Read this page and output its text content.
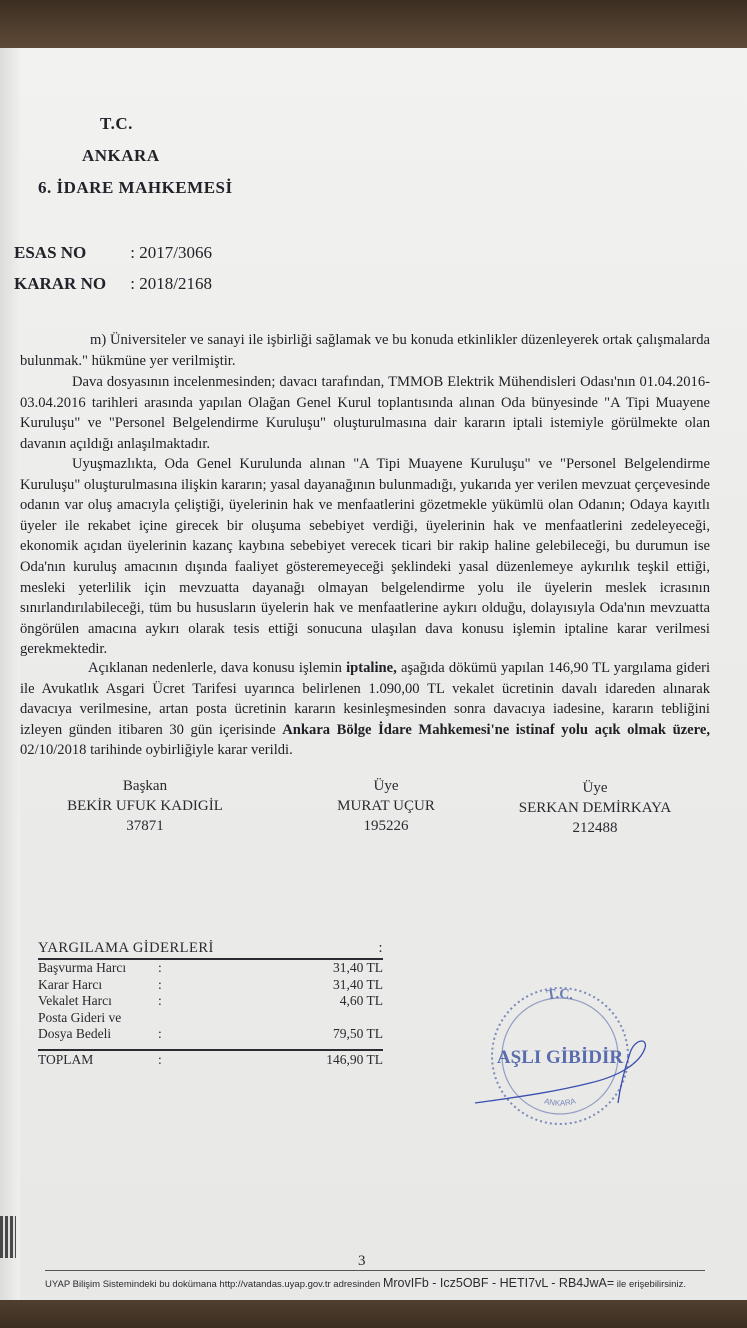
T.C.
ANKARA
6. İDARE MAHKEMESİ
ESAS NO	: 2017/3066
KARAR NO : 2018/2168

m) Üniversiteler ve sanayi ile işbirliği sağlamak ve bu konuda etkinlikler düzenleyerek ortak çalışmalarda bulunmak." hükmüne yer verilmiştir.

Dava dosyasının incelenmesinden; davacı tarafından, TMMOB Elektrik Mühendisleri Odası'nın 01.04.2016-03.04.2016 tarihleri arasında yapılan Olağan Genel Kurul toplantısında alınan Oda bünyesinde "A Tipi Muayene Kuruluşu" ve "Personel Belgelendirme Kuruluşu" oluşturulmasına dair kararın iptali istemiyle görülmekte olan davanın açıldığı anlaşılmaktadır.

Uyuşmazlıkta, Oda Genel Kurulunda alınan "A Tipi Muayene Kuruluşu" ve "Personel Belgelendirme Kuruluşu" oluşturulmasına ilişkin kararın; yasal dayanağının bulunmadığı, yukarıda yer verilen mevzuat çerçevesinde odanın var oluş amacıyla çeliştiği, üyelerinin hak ve menfaatlerini gözetmekle yükümlü olan Odanın; Odaya kayıtlı üyeler ile rekabet içine girecek bir oluşuma sebebiyet verdiği, üyelerinin hak ve menfaatlerini zedeleyeceği, ekonomik açıdan üyelerinin kazanç kaybına sebebiyet verecek ticari bir rakip haline gelebileceği, bu durumun ise Oda'nın kuruluş amacının dışında faaliyet gösteremeyeceği şeklindeki yasal düzenlemeye aykırılık teşkil ettiği, mesleki yeterlilik için mevzuatta dayanağı olmayan belgelendirme yolu ile üyelerin meslek icrasının sınırlandırılabileceği, tüm bu hususların üyelerin hak ve menfaatlerine aykırı olduğu, dolayısıyla Oda'nın mevzuatta öngörülen amacına aykırı olarak tesis ettiği sonucuna ulaşılan dava konusu işlemin iptaline karar verilmesi gerekmektedir.

Açıklanan nedenlerle, dava konusu işlemin iptaline, aşağıda dökümü yapılan 146,90 TL yargılama gideri ile Avukatlık Asgari Ücret Tarifesi uyarınca belirlenen 1.090,00 TL vekalet ücretinin davalı idareden alınarak davacıya verilmesine, artan posta ücretinin kararın kesinleşmesinden sonra davacıya iadesine, kararın tebliğini izleyen günden itibaren 30 gün içerisinde Ankara Bölge İdare Mahkemesi'ne istinaf yolu açık olmak üzere, 02/10/2018 tarihinde oybirliğiyle karar verildi.

Başkan
BEKİR UFUK KADIGİL
37871
Üye
MURAT UÇUR
195226
Üye
SERKAN DEMİRKAYA
212488
YARGILAMA GİDERLERİ	:
Başvurma Harcı	:	31,40 TL
Karar Harcı	:	31,40 TL
Vekalet Harcı	:	4,60 TL
Posta Gideri ve
Dosya Bedeli	:	79,50 TL
TOPLAM	:	146,90 TL
T.C.
AŞLI GİBİDİR
ANKARA
3
UYAP Bilişim Sistemindeki bu dokümana http://vatandas.uyap.gov.tr adresinden MrovIFb - Icz5OBF - HETI7vL - RB4JwA= ile erişebilirsiniz.
